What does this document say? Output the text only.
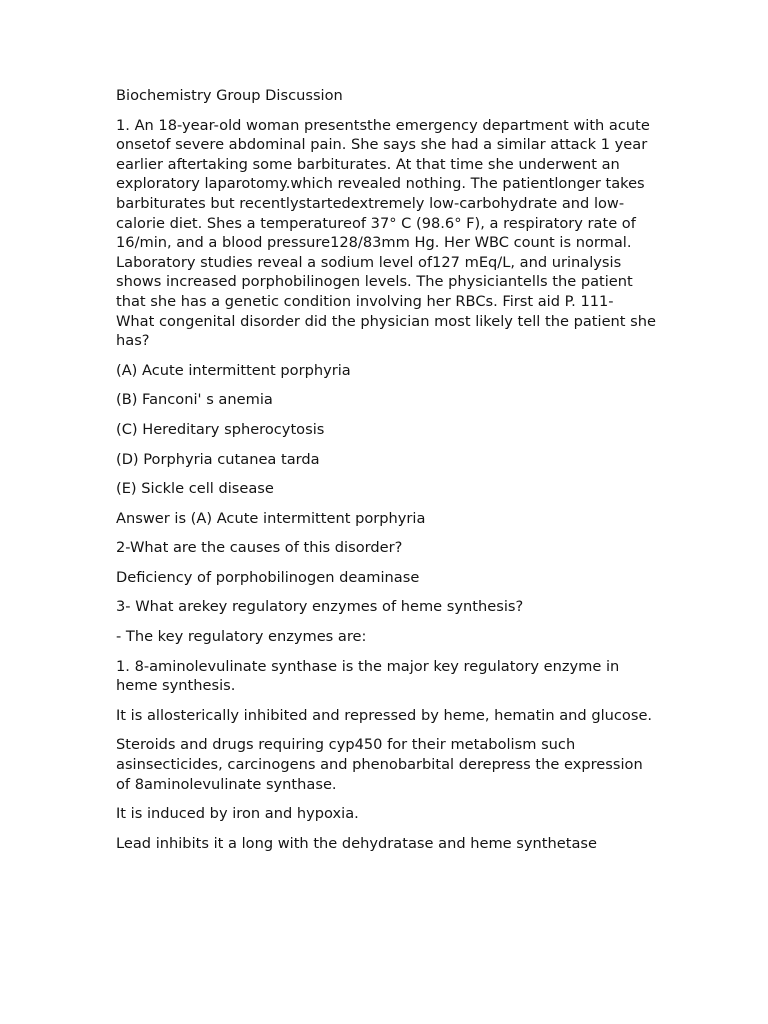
Biochemistry Group Discussion

1. An 18-year-old woman presentsthe emergency department with acute onsetof severe abdominal pain. She says she had a similar attack 1 year earlier aftertaking some barbiturates. At that time she underwent an exploratory laparotomy.which revealed nothing. The patientlonger takes barbiturates but recentlystartedextremely low-carbohydrate and low-calorie diet. Shes a temperatureof 37° C (98.6° F), a respiratory rate of 16/min, and a blood pressure128/83mm Hg. Her WBC count is normal. Laboratory studies reveal a sodium level of127 mEq/L, and urinalysis shows increased porphobilinogen levels. The physiciantells the patient that she has a genetic condition involving her RBCs. First aid P. 111- What congenital disorder did the physician most likely tell the patient she has?

(A) Acute intermittent porphyria

(B) Fanconi' s anemia

(C) Hereditary spherocytosis

(D) Porphyria cutanea tarda

(E) Sickle cell disease

Answer is (A) Acute intermittent porphyria

2-What are the causes of this disorder?

Deficiency of porphobilinogen deaminase

3- What arekey regulatory enzymes of heme synthesis?

- The key regulatory enzymes are:

1. 8-aminolevulinate synthase is the major key regulatory enzyme in heme synthesis.

It is allosterically inhibited and repressed by heme, hematin and glucose.

Steroids and drugs requiring cyp450 for their metabolism such asinsecticides, carcinogens and phenobarbital derepress the expression of 8aminolevulinate synthase.

It is induced by iron and hypoxia.

Lead inhibits it a long with the dehydratase and heme synthetase
